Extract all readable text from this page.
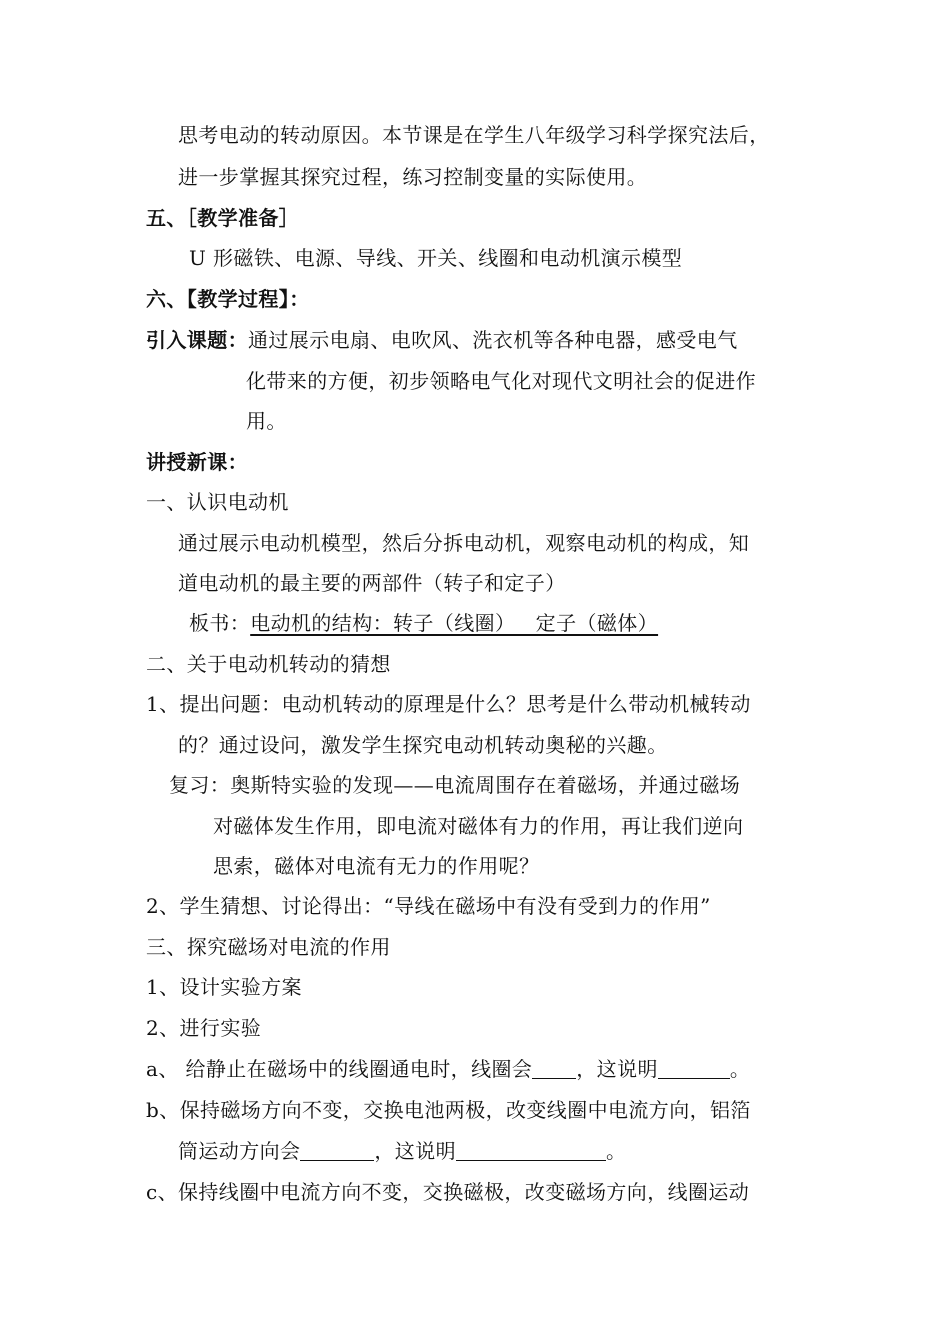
思考电动的转动原因。本节课是在学生八年级学习科学探究法后，
进一步掌握其探究过程，练习控制变量的实际使用。
五、［教学准备］
U 形磁铁、电源、导线、开关、线圈和电动机演示模型
六、【教学过程】：
引入课题：通过展示电扇、电吹风、洗衣机等各种电器，感受电气
化带来的方便，初步领略电气化对现代文明社会的促进作
用。
讲授新课：
一、认识电动机
通过展示电动机模型，然后分拆电动机，观察电动机的构成，知
道电动机的最主要的两部件（转子和定子）
板书：电动机的结构：转子（线圈）   定子（磁体）
二、关于电动机转动的猜想
1、提出问题：电动机转动的原理是什么？思考是什么带动机械转动
的？通过设问，激发学生探究电动机转动奥秘的兴趣。
复习：奥斯特实验的发现——电流周围存在着磁场，并通过磁场
对磁体发生作用，即电流对磁体有力的作用，再让我们逆向
思索，磁体对电流有无力的作用呢？
2、学生猜想、讨论得出：“导线在磁场中有没有受到力的作用”
三、探究磁场对电流的作用
1、设计实验方案
2、进行实验
a、 给静止在磁场中的线圈通电时，线圈会 ，这说明	。
b、保持磁场方向不变，交换电池两极，改变线圈中电流方向，铝箔
筒运动方向会	，这说明	。
c、保持线圈中电流方向不变，交换磁极，改变磁场方向，线圈运动
